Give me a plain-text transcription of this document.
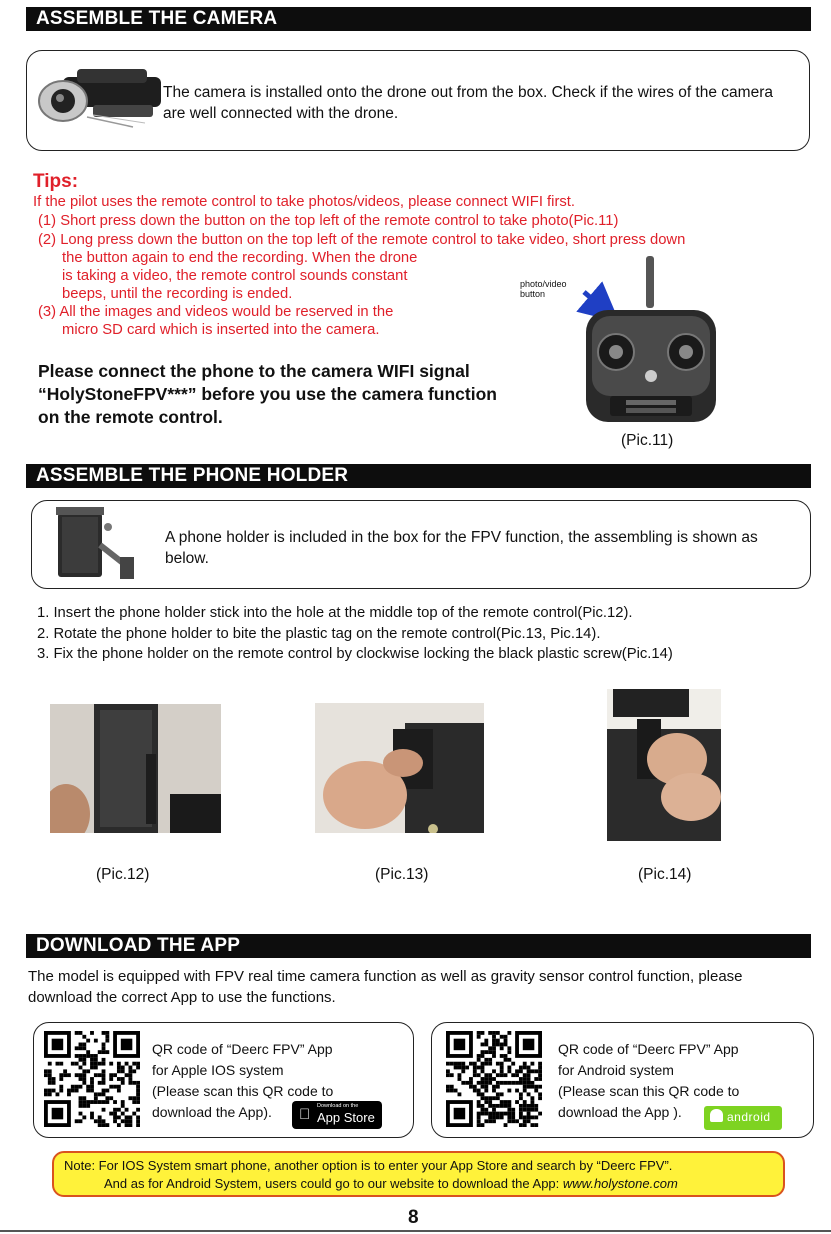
ASSEMBLE THE CAMERA
The camera is installed onto the drone out from the box. Check if the wires of the camera are well connected with the drone.
Tips:
If the pilot uses the remote control to take photos/videos, please connect WIFI first.
(1) Short press down the button on the top left of the remote control to take photo(Pic.11)
(2) Long press down the button on the top left of the remote control to take video, short press down
the button again to end the recording. When the drone
is taking a video, the remote control sounds constant
beeps, until the recording is ended.
(3) All the images and videos would be reserved in the
micro SD card which is inserted into the camera.
Please connect the phone to the camera WIFI signal
“HolyStoneFPV***” before you use the camera function
on the remote control.
photo/video button
(Pic.11)
ASSEMBLE THE PHONE HOLDER
A phone holder is included in the box for the FPV function, the assembling is shown as below.
1. Insert the phone holder stick into the hole at the middle top of the remote control(Pic.12).
2. Rotate the phone holder to bite the plastic tag on the remote control(Pic.13, Pic.14).
3. Fix the phone holder on the remote control by clockwise locking the black plastic screw(Pic.14)
(Pic.12)	(Pic.13)	(Pic.14)
DOWNLOAD THE APP
The model is equipped with FPV real time camera function as well as gravity sensor control function, please download the correct App to use the functions.
QR code of “Deerc FPV” App
for Apple IOS system
(Please scan this QR code to
download the App).	Download on the
App Store
QR code of “Deerc FPV” App
for Android system
(Please scan this QR code to
download the App ).	android
Note: For IOS System smart phone, another option is to enter your App Store and search by “Deerc FPV”.
And as for Android System, users could go to our website to download the App: www.holystone.com
8
